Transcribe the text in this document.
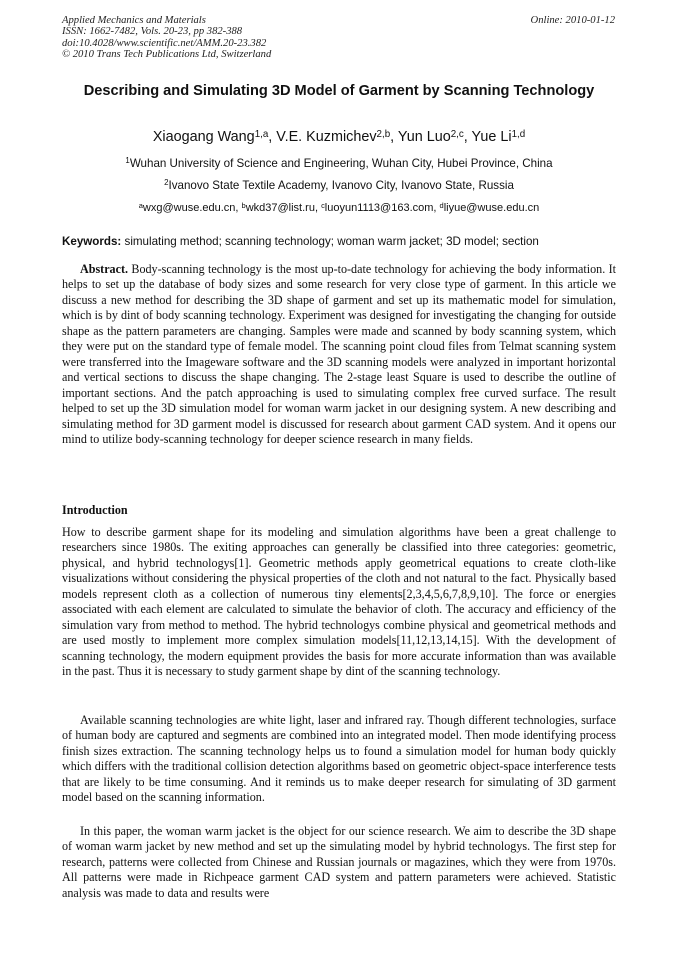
Applied Mechanics and Materials
ISSN: 1662-7482, Vols. 20-23, pp 382-388
doi:10.4028/www.scientific.net/AMM.20-23.382
© 2010 Trans Tech Publications Ltd, Switzerland
Online: 2010-01-12
Describing and Simulating 3D Model of Garment by Scanning Technology
Xiaogang Wang$^{1,a}$, V.E. Kuzmichev$^{2,b}$, Yun Luo$^{2,c}$, Yue Li$^{1,d}$
$^1$Wuhan University of Science and Engineering, Wuhan City, Hubei Province, China
$^2$Ivanovo State Textile Academy, Ivanovo City, Ivanovo State, Russia
$^a$wxg@wuse.edu.cn, $^b$wkd37@list.ru, $^c$luoyun1113@163.com, $^d$liyue@wuse.edu.cn
Keywords: simulating method; scanning technology; woman warm jacket; 3D model; section
Abstract. Body-scanning technology is the most up-to-date technology for achieving the body information. It helps to set up the database of body sizes and some research for very close type of garment. In this article we discuss a new method for describing the 3D shape of garment and set up its mathematic model for simulation, which is by dint of body scanning technology. Experiment was designed for investigating the changing for outside shape as the pattern parameters are changing. Samples were made and scanned by body scanning system, which they were put on the standard type of female model. The scanning point cloud files from Telmat scanning system were transferred into the Imageware software and the 3D scanning models were analyzed in important horizontal and vertical sections to discuss the shape changing. The 2-stage least Square is used to describe the outline of important sections. And the patch approaching is used to simulating complex free curved surface. The result helped to set up the 3D simulation model for woman warm jacket in our designing system. A new describing and simulating method for 3D garment model is discussed for research about garment CAD system. And it opens our mind to utilize body-scanning technology for deeper science research in many fields.
Introduction
How to describe garment shape for its modeling and simulation algorithms have been a great challenge to researchers since 1980s. The exiting approaches can generally be classified into three categories: geometric, physical, and hybrid technologys[1]. Geometric methods apply geometrical equations to create cloth-like visualizations without considering the physical properties of the cloth and not natural to the fact. Physically based models represent cloth as a collection of numerous tiny elements[2,3,4,5,6,7,8,9,10]. The force or energies associated with each element are calculated to simulate the behavior of cloth. The accuracy and efficiency of the simulation vary from method to method. The hybrid technologys combine physical and geometrical methods and are used mostly to implement more complex simulation models[11,12,13,14,15]. With the development of scanning technology, the modern equipment provides the basis for more accurate information than was available in the past. Thus it is necessary to study garment shape by dint of the scanning technology.
Available scanning technologies are white light, laser and infrared ray. Though different technologies, surface of human body are captured and segments are combined into an integrated model. Then mode identifying process finish sizes extraction. The scanning technology helps us to found a simulation model for human body quickly which differs with the traditional collision detection algorithms based on geometric object-space interference tests that are likely to be time consuming. And it reminds us to make deeper research for simulating of 3D garment model based on the scanning information.
In this paper, the woman warm jacket is the object for our science research. We aim to describe the 3D shape of woman warm jacket by new method and set up the simulating model by hybrid technologys. The first step for research, patterns were collected from Chinese and Russian journals or magazines, which they were from 1970s. All patterns were made in Richpeace garment CAD system and pattern parameters were achieved. Statistic analysis was made to data and results were
